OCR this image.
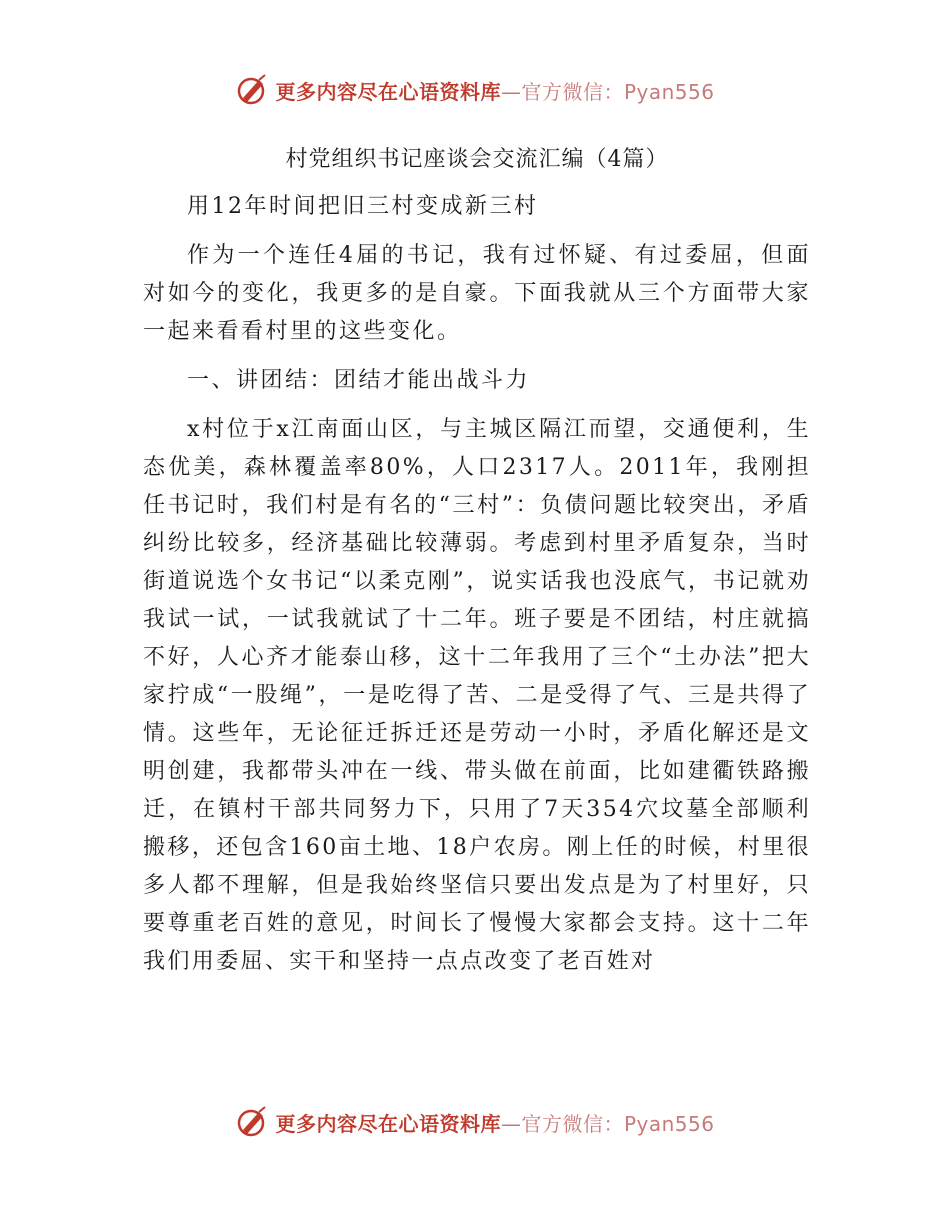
更多内容尽在心语资料库—官方微信：Pyan556
村党组织书记座谈会交流汇编（4篇）

用12年时间把旧三村变成新三村

作为一个连任4届的书记，我有过怀疑、有过委屈，但面对如今的变化，我更多的是自豪。下面我就从三个方面带大家一起来看看村里的这些变化。

一、讲团结：团结才能出战斗力

x村位于x江南面山区，与主城区隔江而望，交通便利，生态优美，森林覆盖率80%，人口2317人。2011年，我刚担任书记时，我们村是有名的“三村”：负债问题比较突出，矛盾纠纷比较多，经济基础比较薄弱。考虑到村里矛盾复杂，当时街道说选个女书记“以柔克刚”，说实话我也没底气，书记就劝我试一试，一试我就试了十二年。班子要是不团结，村庄就搞不好，人心齐才能泰山移，这十二年我用了三个“土办法”把大家拧成“一股绳”，一是吃得了苦、二是受得了气、三是共得了情。这些年，无论征迁拆迁还是劳动一小时，矛盾化解还是文明创建，我都带头冲在一线、带头做在前面，比如建衢铁路搬迁，在镇村干部共同努力下，只用了7天354穴坟墓全部顺利搬移，还包含160亩土地、18户农房。刚上任的时候，村里很多人都不理解，但是我始终坚信只要出发点是为了村里好，只要尊重老百姓的意见，时间长了慢慢大家都会支持。这十二年我们用委屈、实干和坚持一点点改变了老百姓对

更多内容尽在心语资料库—官方微信：Pyan556
